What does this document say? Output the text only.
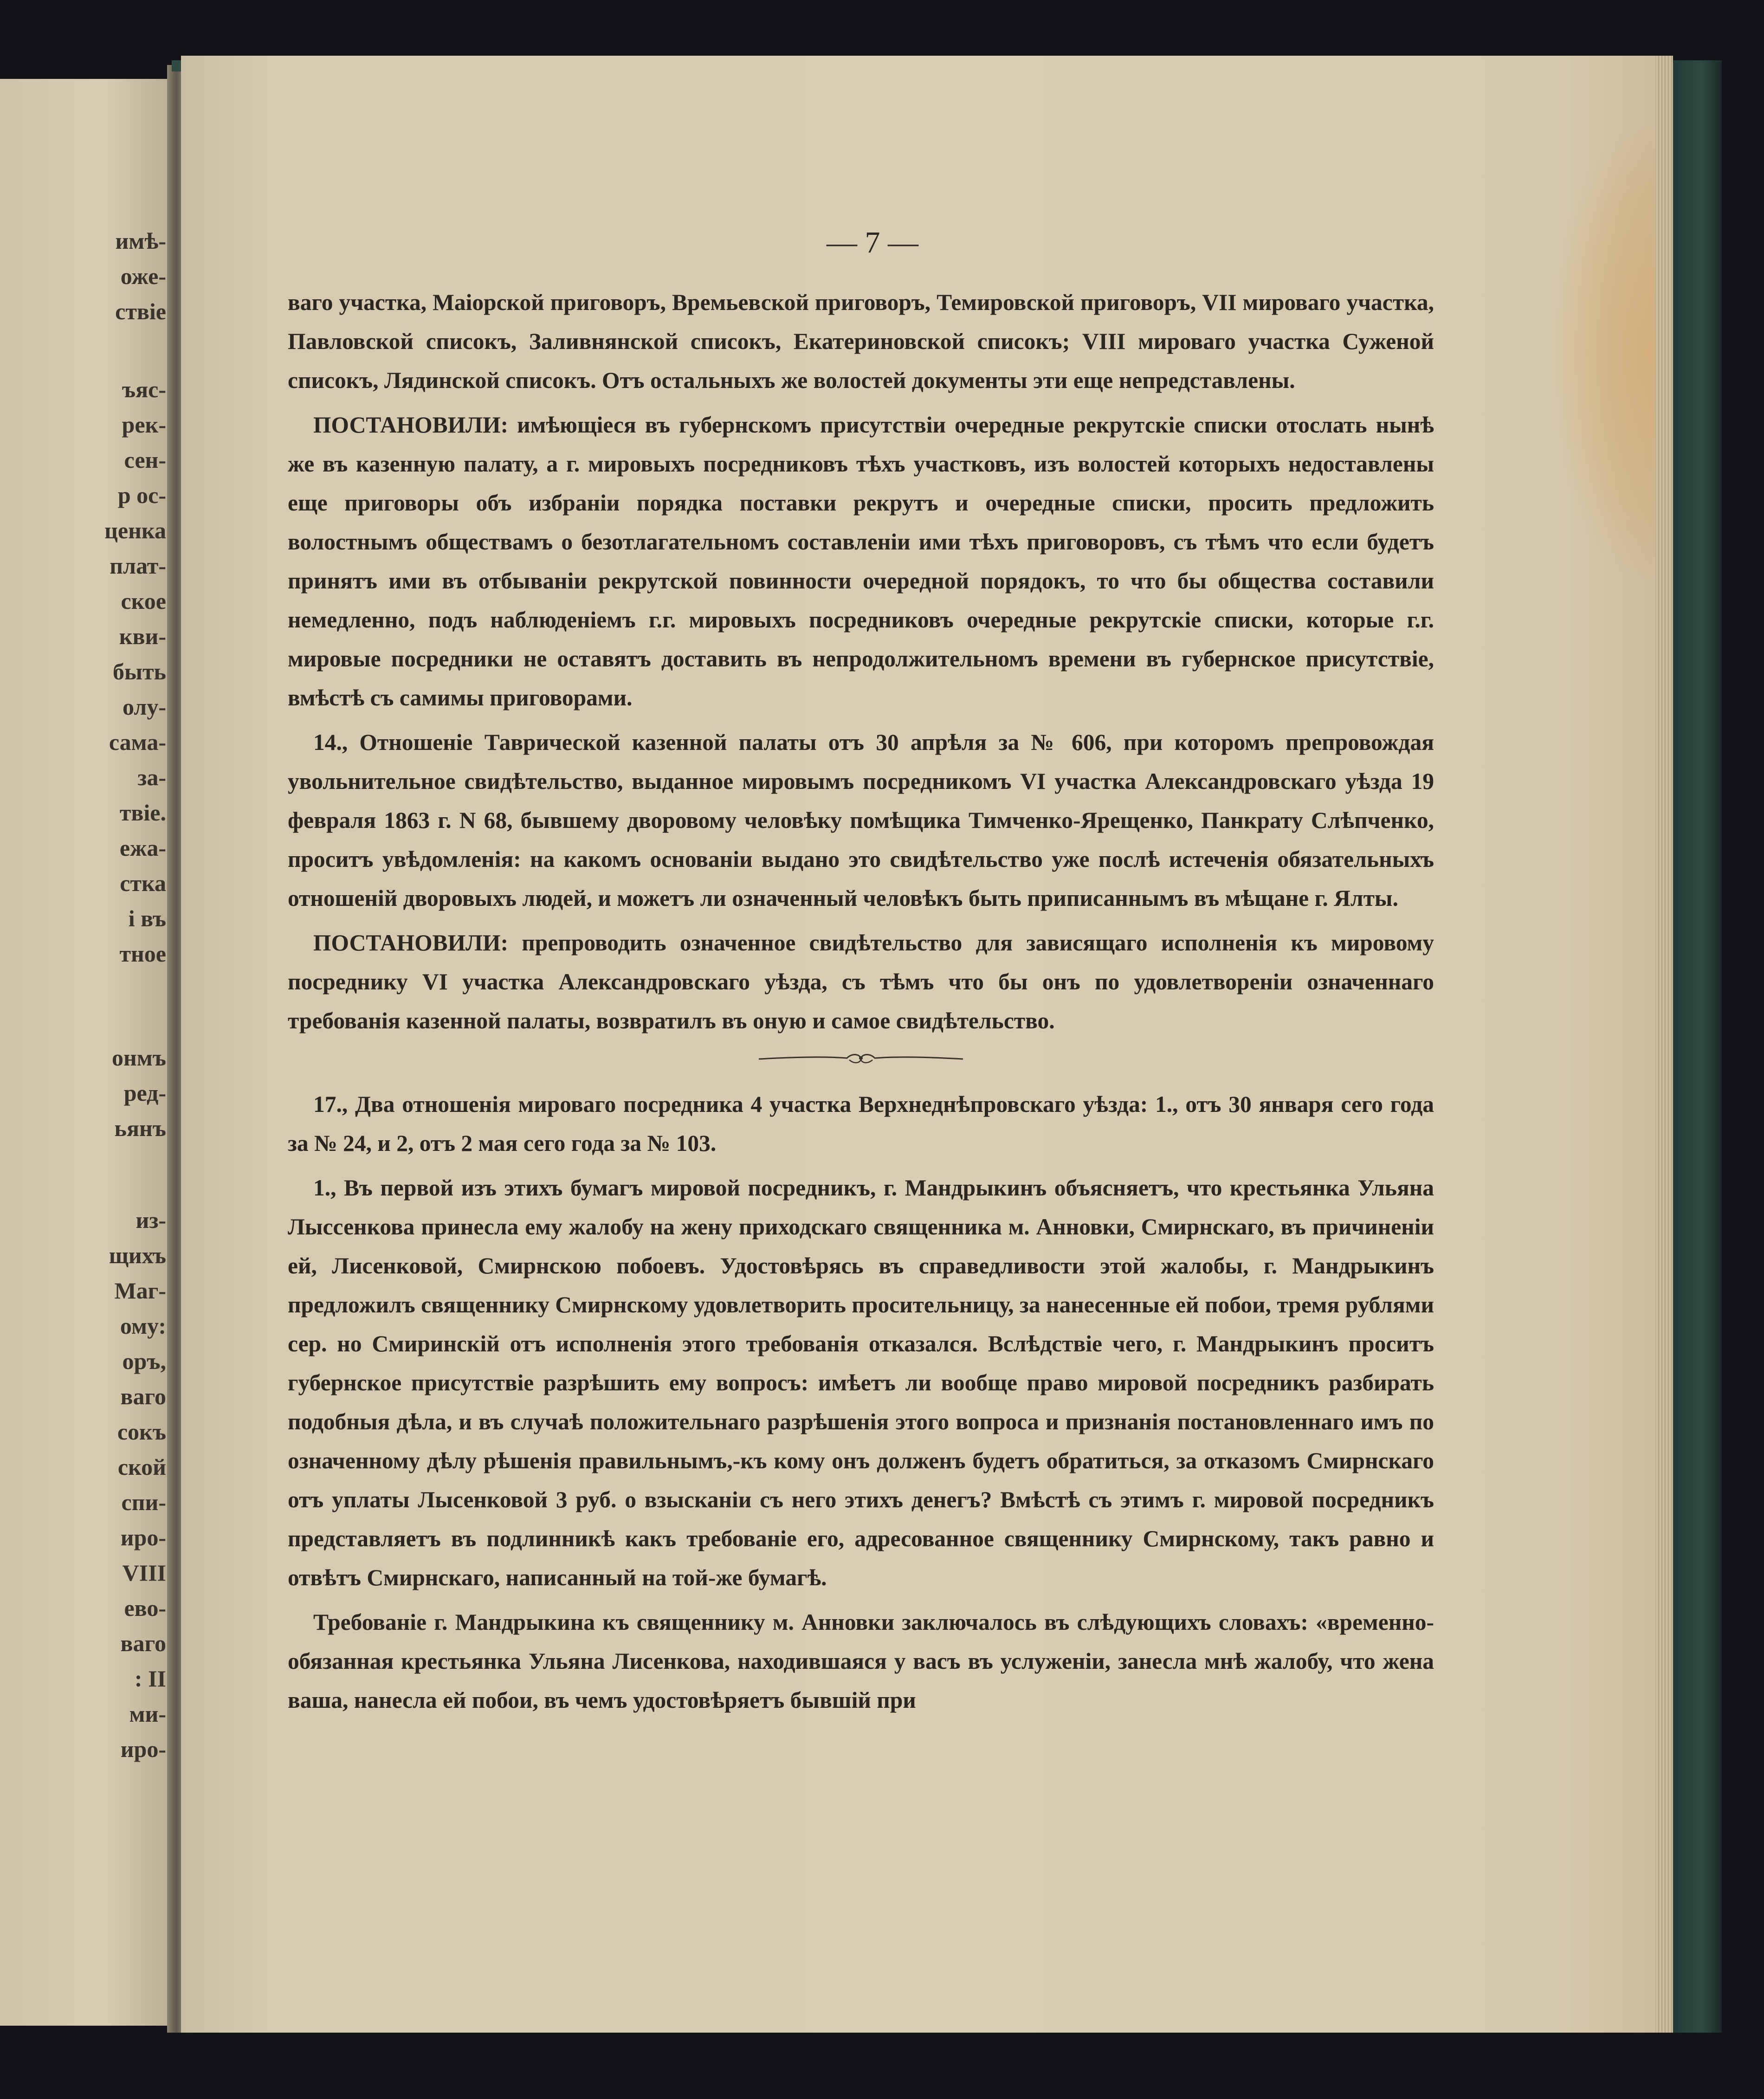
имѣ-
оже-
ствіе
ъяс-
рек-
сен-
р ос-
ценка
плат-
ское
кви-
быть
олу-
сама-
за-
твіе.
ежа-
стка
і въ
тное
онмъ
ред-
ьянъ
из-
щихъ
Маг-
ому:
оръ,
ваго
сокъ
ской
спи-
иро-
VIII
ево-
ваго
: II
ми-
иро-
— 7 —

ваго участка, Маіорской приговоръ, Времьевской приговоръ, Темировской приговоръ, VII мироваго участка, Павловской списокъ, Заливнянской списокъ, Екатериновской списокъ; VIII мироваго участка Суженой списокъ, Лядинской списокъ. Отъ остальныхъ же волостей документы эти еще непредставлены.

ПОСТАНОВИЛИ: имѣющіеся въ губернскомъ присутствіи очередные рекрутскіе списки отослать нынѣ же въ казенную палату, а г. мировыхъ посредниковъ тѣхъ участковъ, изъ волостей которыхъ недоставлены еще приговоры объ избраніи порядка поставки рекрутъ и очередные списки, просить предложить волостнымъ обществамъ о безотлагательномъ составленіи ими тѣхъ приговоровъ, съ тѣмъ что если будетъ принятъ ими въ отбываніи рекрутской повинности очередной порядокъ, то что бы общества составили немедленно, подъ наблюденіемъ г.г. мировыхъ посредниковъ очередные рекрутскіе списки, которые г.г. мировые посредники не оставятъ доставить въ непродолжительномъ времени въ губернское присутствіе, вмѣстѣ съ самимы приговорами.

14., Отношеніе Таврической казенной палаты отъ 30 апрѣля за № 606, при которомъ препровождая увольнительное свидѣтельство, выданное мировымъ посредникомъ VI участка Александровскаго уѣзда 19 февраля 1863 г. N 68, бывшему дворовому человѣку помѣщика Тимченко-Ярещенко, Панкрату Слѣпченко, проситъ увѣдомленія: на какомъ основаніи выдано это свидѣтельство уже послѣ истеченія обязательныхъ отношеній дворовыхъ людей, и можетъ ли означенный человѣкъ быть приписаннымъ въ мѣщане г. Ялты.

ПОСТАНОВИЛИ: препроводить означенное свидѣтельство для зависящаго исполненія къ мировому посреднику VI участка Александровскаго уѣзда, съ тѣмъ что бы онъ по удовлетвореніи означеннаго требованія казенной палаты, возвратилъ въ оную и самое свидѣтельство.

17., Два отношенія мироваго посредника 4 участка Верхнеднѣпровскаго уѣзда: 1., отъ 30 января сего года за № 24, и 2, отъ 2 мая сего года за № 103.

1., Въ первой изъ этихъ бумагъ мировой посредникъ, г. Мандрыкинъ объясняетъ, что крестьянка Ульяна Лыссенкова принесла ему жалобу на жену приходскаго священника м. Анновки, Смирнскаго, въ причиненіи ей, Лисенковой, Смирнскою побоевъ. Удостовѣрясь въ справедливости этой жалобы, г. Мандрыкинъ предложилъ священнику Смирнскому удовлетворить просительницу, за нанесенные ей побои, тремя рублями сер. но Смиринскій отъ исполненія этого требованія отказался. Вслѣдствіе чего, г. Мандрыкинъ проситъ губернское присутствіе разрѣшить ему вопросъ: имѣетъ ли вообще право мировой посредникъ разбирать подобныя дѣла, и въ случаѣ положительнаго разрѣшенія этого вопроса и признанія постановленнаго имъ по означенному дѣлу рѣшенія правильнымъ,-къ кому онъ долженъ будетъ обратиться, за отказомъ Смирнскаго отъ уплаты Лысенковой 3 руб. о взысканіи съ него этихъ денегъ? Вмѣстѣ съ этимъ г. мировой посредникъ представляетъ въ подлинникѣ какъ требованіе его, адресованное священнику Смирнскому, такъ равно и отвѣтъ Смирнскаго, написанный на той-же бумагѣ.

Требованіе г. Мандрыкина къ священнику м. Анновки заключалось въ слѣдующихъ словахъ: «временно-обязанная крестьянка Ульяна Лисенкова, находившаяся у васъ въ услуженіи, занесла мнѣ жалобу, что жена ваша, нанесла ей побои, въ чемъ удостовѣряетъ бывшій при
